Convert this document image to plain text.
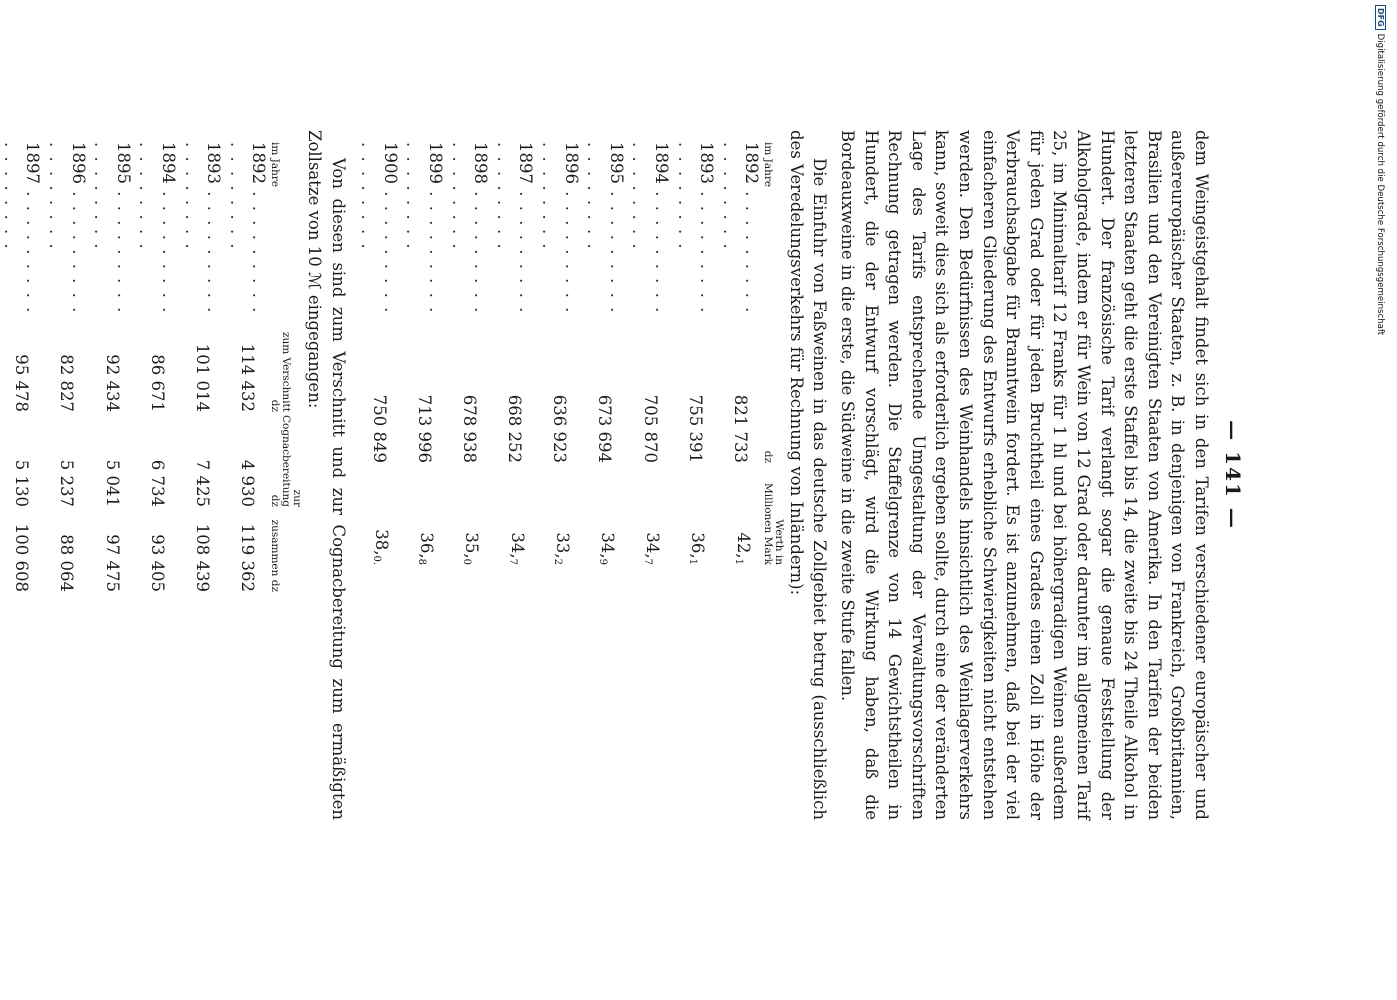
— 141 —

dem Weingeistgehalt findet sich in den Tarifen verschiedener europäischer und außereuropäischer Staaten, z. B. in denjenigen von Frankreich, Großbritannien, Brasilien und den Vereinigten Staaten von Amerika. In den Tarifen der beiden letzteren Staaten geht die erste Staffel bis 14, die zweite bis 24 Theile Alkohol in Hundert. Der französische Tarif verlangt sogar die genaue Feststellung der Alkoholgrade, indem er für Wein von 12 Grad oder darunter im allgemeinen Tarif 25, im Minimaltarif 12 Franks für 1 hl und bei höhergradigen Weinen außerdem für jeden Grad oder für jeden Bruchtheil eines Grades einen Zoll in Höhe der Verbrauchsabgabe für Branntwein fordert. Es ist anzunehmen, daß bei der viel einfacheren Gliederung des Entwurfs erhebliche Schwierigkeiten nicht entstehen werden. Den Bedürfnissen des Weinhandels hinsichtlich des Weinlagerverkehrs kann, soweit dies sich als erforderlich ergeben sollte, durch eine der veränderten Lage des Tarifs entsprechende Umgestaltung der Verwaltungsvorschriften Rechnung getragen werden. Die Staffelgrenze von 14 Gewichtstheilen in Hundert, die der Entwurf vorschlägt, wird die Wirkung haben, daß die Bordeauxweine in die erste, die Südweine in die zweite Stufe fallen.

Die Einfuhr von Faßweinen in das deutsche Zollgebiet betrug (ausschließlich des Veredelungsverkehrs für Rechnung von Inländern):

im Jahre	dz	Werth in Millionen Mark
1892 . . . . . . . . . . . . . . . . .	821 733	$42,_1$
1893 . . . . . . . . . . . . . . . . .	755 391	$36,_1$
1894 . . . . . . . . . . . . . . . . .	705 870	$34,_7$
1895 . . . . . . . . . . . . . . . . .	673 694	$34,_9$
1896 . . . . . . . . . . . . . . . . .	636 923	$33,_2$
1897 . . . . . . . . . . . . . . . . .	668 252	$34,_7$
1898 . . . . . . . . . . . . . . . . .	678 938	$35,_0$
1899 . . . . . . . . . . . . . . . . .	713 996	$36,_8$
1900 . . . . . . . . . . . . . . . . .	750 849	$38,_{0.}$

Von diesen sind zum Verschnitt und zur Cognacbereitung zum ermäßigten Zollsatze von 10 ℳ eingegangen:

im Jahre	zum Verschnitt dz	zur Cognacbereitung dz	zusammen dz
1892 . . . . . . . . . . . . . . . . .	114 432	4 930	119 362
1893 . . . . . . . . . . . . . . . . .	101 014	7 425	108 439
1894 . . . . . . . . . . . . . . . . .	86 671	6 734	93 405
1895 . . . . . . . . . . . . . . . . .	92 434	5 041	97 475
1896 . . . . . . . . . . . . . . . . .	82 827	5 237	88 064
1897 . . . . . . . . . . . . . . . . .	95 478	5 130	100 608

DFGDigitalisierung gefördert durch die Deutsche Forschungsgemeinschaft
